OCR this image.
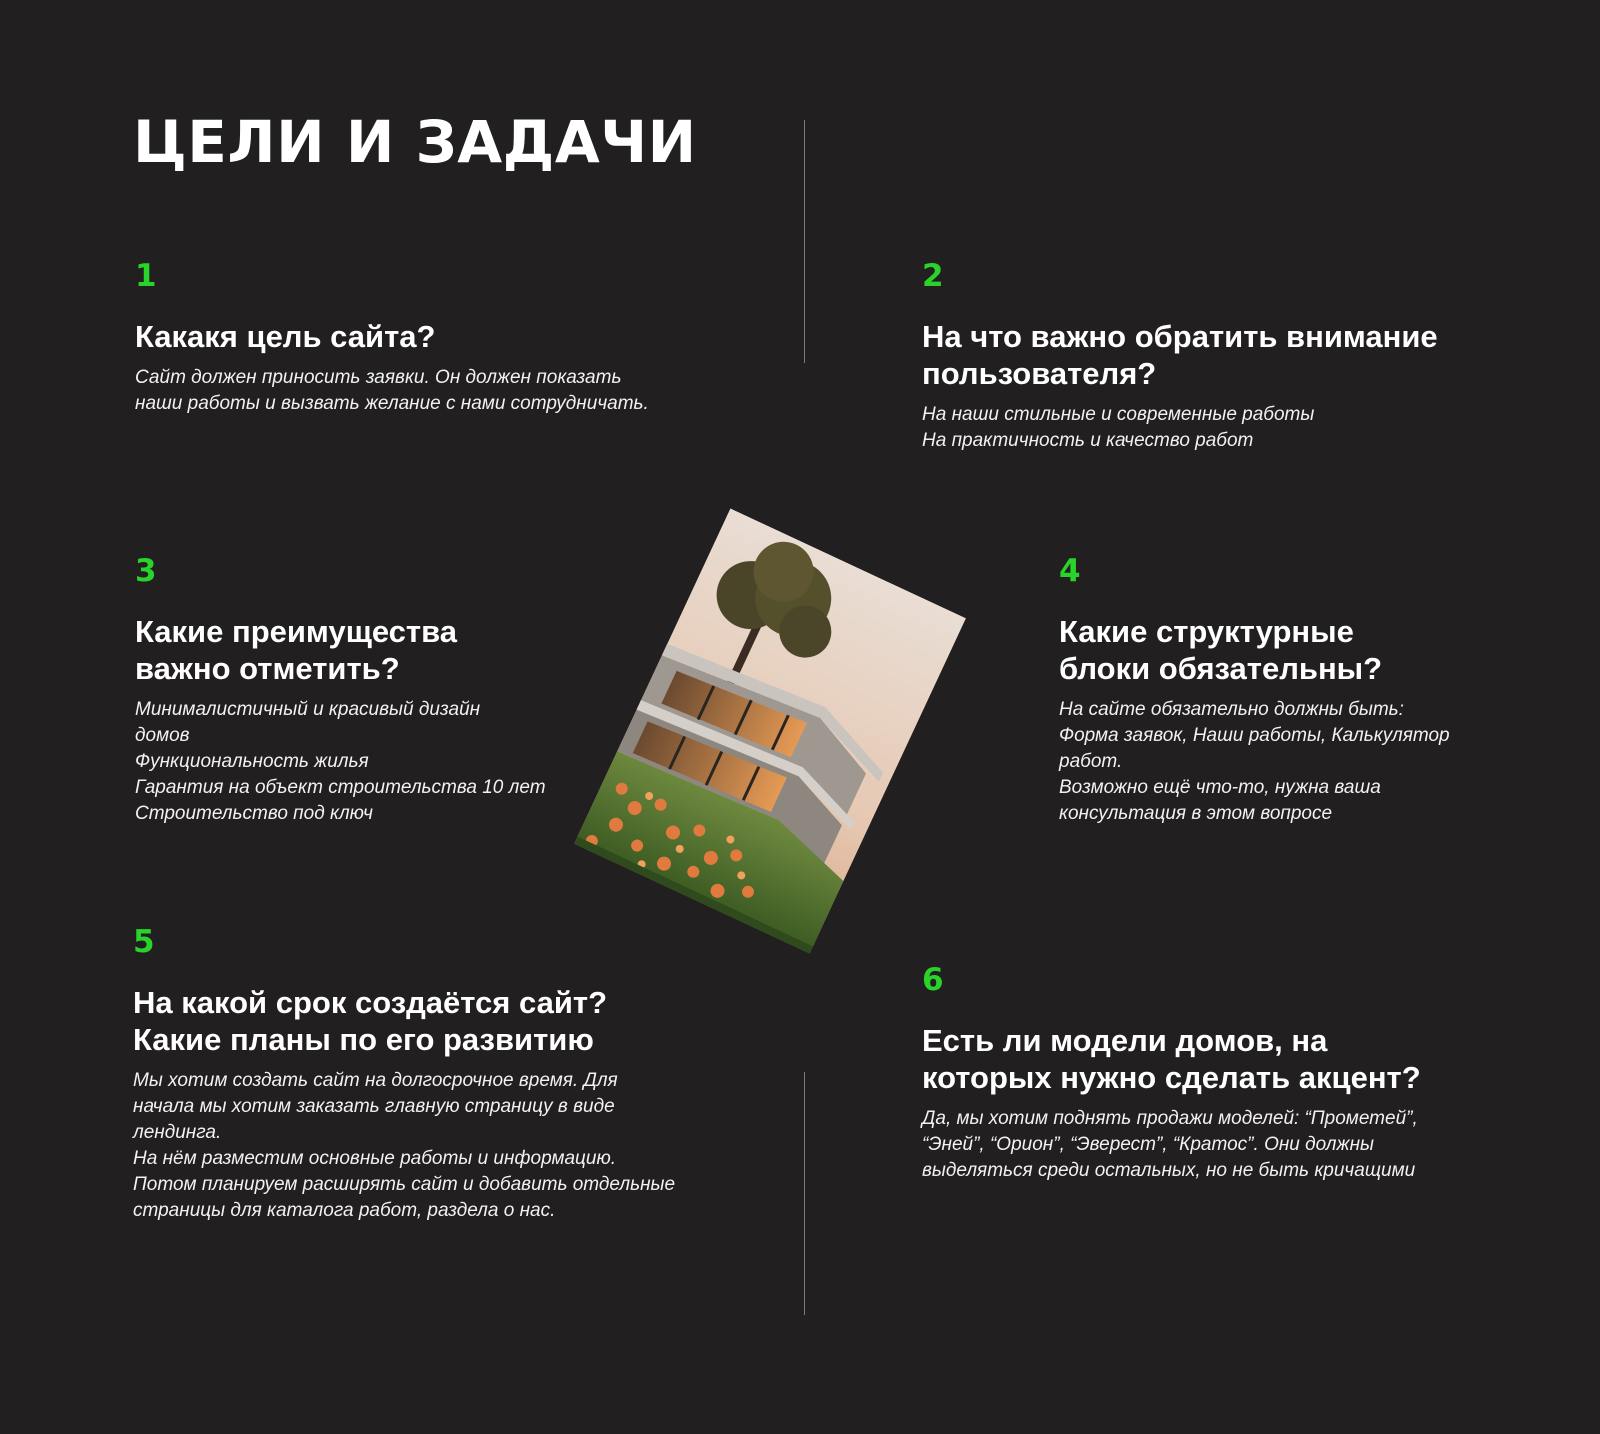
ЦЕЛИ И ЗАДАЧИ

1

Какакя цель сайта?

Сайт должен приносить заявки. Он должен показать
наши работы и вызвать желание с нами сотрудничать.

2

На что важно обратить внимание
пользователя?

На наши стильные и современные работы
На практичность и качество работ

3

Какие преимущества
важно отметить?

Минималистичный и красивый дизайн
домов
Функциональность жилья
Гарантия на объект строительства 10 лет
Строительство под ключ

4

Какие структурные
блоки обязательны?

На сайте обязательно должны быть:
Форма заявок, Наши работы, Калькулятор
работ.
Возможно ещё что-то, нужна ваша
консультация в этом вопросе

5

На какой срок создаётся сайт?
Какие планы по его развитию

Мы хотим создать сайт на долгосрочное время. Для
начала мы хотим заказать главную страницу в виде
лендинга.
На нём разместим основные работы и информацию.
Потом планируем расширять сайт и добавить отдельные
страницы для каталога работ, раздела о нас.

6

Есть ли модели домов, на
которых нужно сделать акцент?

Да, мы хотим поднять продажи моделей: “Прометей”,
“Эней”, “Орион”, “Эверест”, “Кратос”. Они должны
выделяться среди остальных, но не быть кричащими
